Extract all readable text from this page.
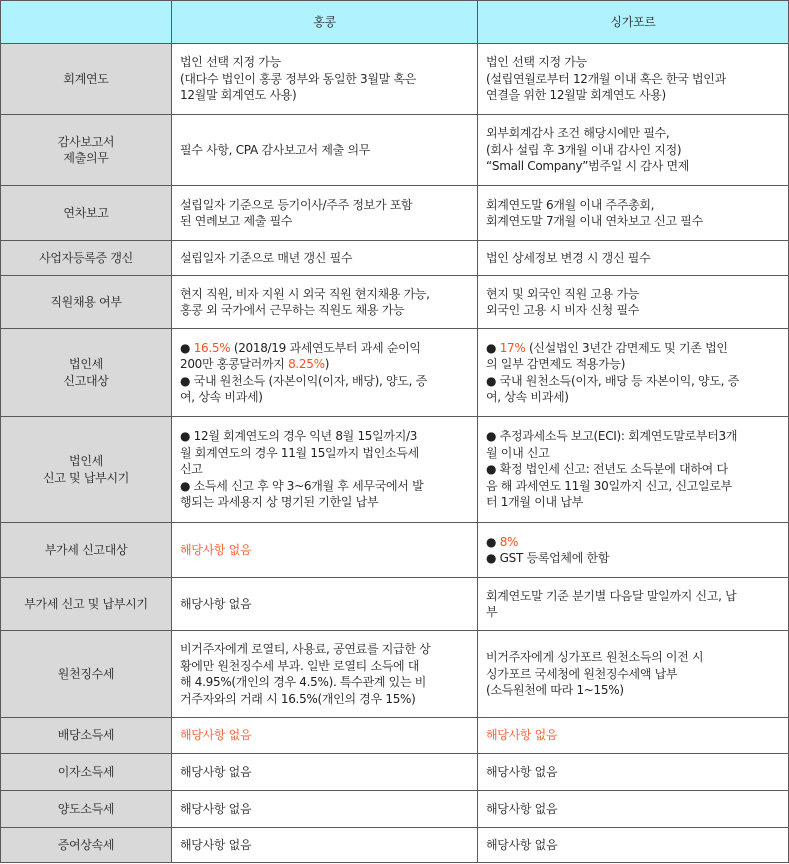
	홍콩	싱가포르

회계연도	법인 선택 지정 가능
(대다수 법인이 홍콩 정부와 동일한 3월말 혹은
12월말 회계연도 사용)	법인 선택 지정 가능
(설립연월로부터 12개월 이내 혹은 한국 법인과
연결을 위한 12월말 회계연도 사용)

감사보고서
제출의무	필수 사항, CPA 감사보고서 제출 의무	외부회계감사 조건 해당시에만 필수,
(회사 설립 후 3개월 이내 감사인 지정)
“Small Company”범주일 시 감사 면제

연차보고	설립일자 기준으로 등기이사/주주 정보가 포함
된 연례보고 제출 필수	회계연도말 6개월 이내 주주총회,
회계연도말 7개월 이내 연차보고 신고 필수

사업자등록증 갱신	설립일자 기준으로 매년 갱신 필수	법인 상세정보 변경 시 갱신 필수

직원채용 여부	현지 직원, 비자 지원 시 외국 직원 현지채용 가능,
홍콩 외 국가에서 근무하는 직원도 채용 가능	현지 및 외국인 직원 고용 가능
외국인 고용 시 비자 신청 필수

법인세
신고대상	● 16.5% (2018/19 과세연도부터 과세 순이익
200만 홍콩달러까지 8.25%)
● 국내 원천소득 (자본이익(이자, 배당), 양도, 증
여, 상속 비과세)	● 17% (신설법인 3년간 감면제도 및 기존 법인
의 일부 감면제도 적용가능)
● 국내 원천소득(이자, 배당 등 자본이익, 양도, 증
여, 상속 비과세)

법인세
신고 및 납부시기	● 12월 회계연도의 경우 익년 8월 15일까지/3
월 회계연도의 경우 11월 15일까지 법인소득세
신고
● 소득세 신고 후 약 3~6개월 후 세무국에서 발
행되는 과세용지 상 명기된 기한일 납부	● 추정과세소득 보고(ECI): 회계연도말로부터3개
월 이내 신고
● 확정 법인세 신고: 전년도 소득분에 대하여 다
음 해 과세연도 11월 30일까지 신고, 신고일로부
터 1개월 이내 납부

부가세 신고대상	해당사항 없음	● 8%
● GST 등록업체에 한함

부가세 신고 및 납부시기	해당사항 없음	회계연도말 기준 분기별 다음달 말일까지 신고, 납
부

원천징수세	비거주자에게 로열티, 사용료, 공연료를 지급한 상
황에만 원천징수세 부과. 일반 로열티 소득에 대
해 4.95%(개인의 경우 4.5%). 특수관계 있는 비
거주자와의 거래 시 16.5%(개인의 경우 15%)	비거주자에게 싱가포르 원천소득의 이전 시
싱가포르 국세청에 원천징수세액 납부
(소득원천에 따라 1~15%)

배당소득세	해당사항 없음	해당사항 없음

이자소득세	해당사항 없음	해당사항 없음

양도소득세	해당사항 없음	해당사항 없음

증여상속세	해당사항 없음	해당사항 없음
